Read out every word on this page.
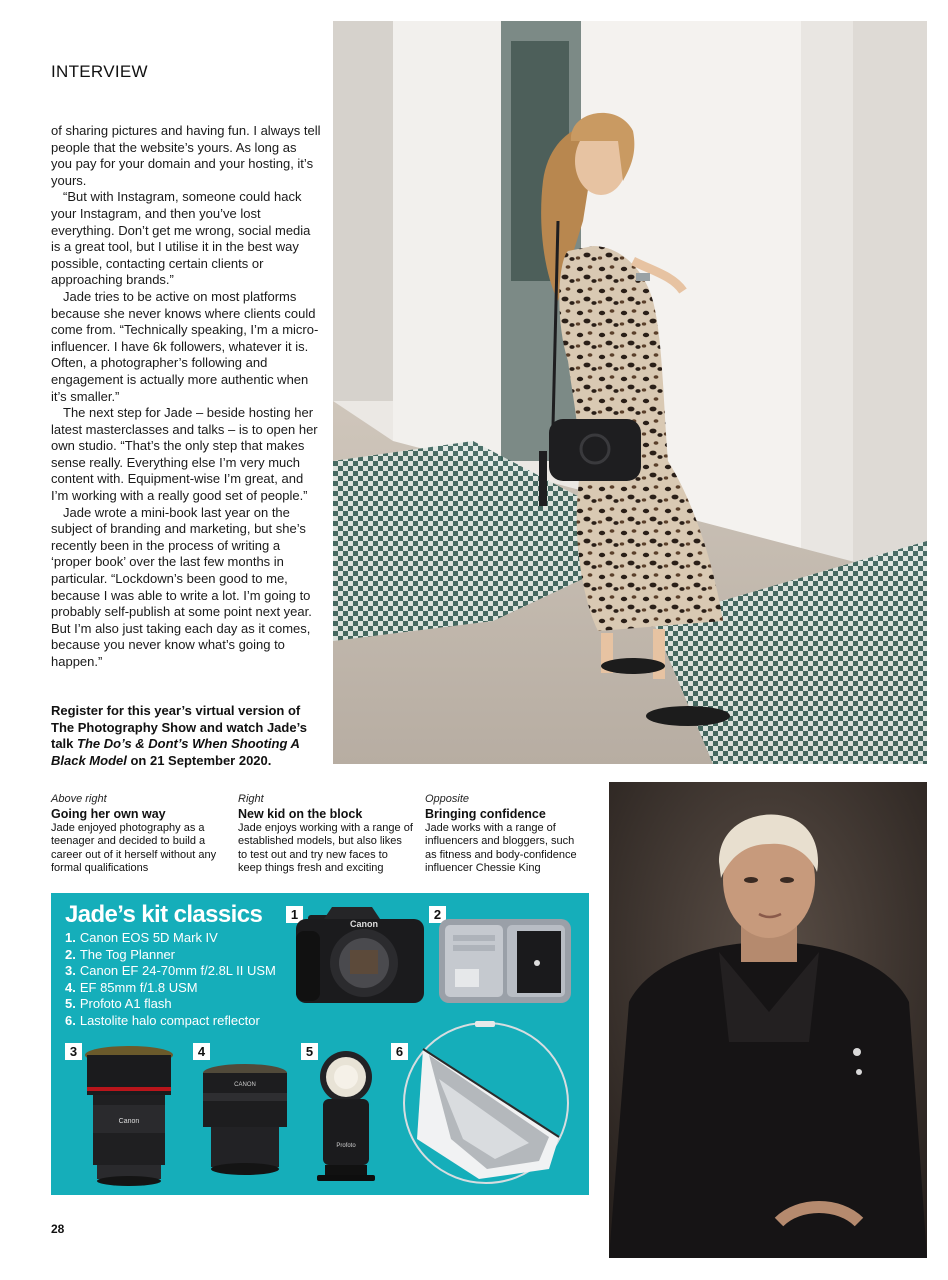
INTERVIEW

of sharing pictures and having fun. I always tell people that the website’s yours. As long as you pay for your domain and your hosting, it’s yours.

“But with Instagram, someone could hack your Instagram, and then you’ve lost everything. Don’t get me wrong, social media is a great tool, but I utilise it in the best way possible, contacting certain clients or approaching brands.”

Jade tries to be active on most platforms because she never knows where clients could come from. “Technically speaking, I’m a micro-influencer. I have 6k followers, whatever it is. Often, a photographer’s following and engagement is actually more authentic when it’s smaller.”

The next step for Jade – beside hosting her latest masterclasses and talks – is to open her own studio. “That’s the only step that makes sense really. Everything else I’m very much content with. Equipment-wise I’m great, and I’m working with a really good set of people.”

Jade wrote a mini-book last year on the subject of branding and marketing, but she’s recently been in the process of writing a ‘proper book’ over the last few months in particular. “Lockdown’s been good to me, because I was able to write a lot. I’m going to probably self-publish at some point next year. But I’m also just taking each day as it comes, because you never know what’s going to happen.”

Register for this year’s virtual version of The Photography Show and watch Jade’s talk The Do’s & Dont’s When Shooting A Black Model on 21 September 2020.

Above right
Going her own way
Jade enjoyed photography as a teenager and decided to build a career out of it herself without any formal qualifications
Right
New kid on the block
Jade enjoys working with a range of established models, but also likes to test out and try new faces to keep things fresh and exciting
Opposite
Bringing confidence
Jade works with a range of influencers and bloggers, such as fitness and body-confidence influencer Chessie King
Jade’s kit classics
1. Canon EOS 5D Mark IV
2. The Tog Planner
3. Canon EF 24-70mm f/2.8L II USM
4. EF 85mm f/1.8 USM
5. Profoto A1 flash
6. Lastolite halo compact reflector
1	2
3	4	5	6
Canon
Canon
CANON
Profoto
28
